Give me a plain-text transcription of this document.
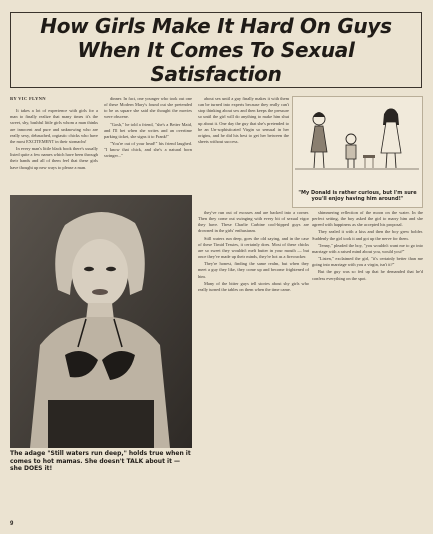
How Girls Make It Hard On Guys When It Comes To Sexual Satisfaction

BY VIC FLYNN

It takes a lot of experience with girls for a man to finally realize that many times it's the sweet, shy, bashful little girls whom a man thinks are innocent and pure and unknowing who are really sexy, debauched, orgiastic chicks who have the most EXCITEMENT in their stomachs!

In every man's little black book there's usually listed quite a few names which have been through their hands and all of them feel that these girls have thought up new ways to please a man.

dinner. In fact, one younger who took out one of these Modern Mary's found out she pretended to be as square she said she thought the movies were obscene.

"Gosh," he told a friend, "she's a Better Maid, and I'll bet when she writes and an overtime parking ticket, she signs it to Frank!"

"You're out of your head!" his friend laughed. "I know that chick, and she's a natural born swinger..."

about sex until a guy finally makes it with them can be turned into experts because they really can't stop thinking about sex and then keeps the pressure so until the girl will do anything to make him shut up about it. One day the guy that she's pretended to be an Un-sophisticated Virgin so sensual in her origins, and he did his best to get her between the sheets without success.

"My Donald is rather curious, but I'm sure you'll enjoy having him around!"
The adage "Still waters run deep," holds true when it comes to hot mamas. She doesn't TALK about it — she DOES it!

they've run out of excuses and are backed into a corner. Then they come out swinging with every bit of sexual vigor they have. These Charlie Carbine cool-hipped guys are drowned in the girls' enthusiasm.

Still waters run deep, goes the old saying, and in the case of these Timid Tessies, it certainly does. Most of these chicks are so sweet they wouldn't melt butter in your mouth — but once they've made up their minds, they're hot as a firecracker.

They're honest, finding the same realm, but when they meet a guy they like, they come up and become frightened of him.

Many of the bitter guys tell stories about shy girls who really turned the tables on them when the time came.

shimmering reflection of the moon on the water. In the perfect setting, the boy asked the girl to marry him and she agreed with happiness as she accepted his proposal.

They sealed it with a kiss and then the boy grew bolder. Suddenly the girl took it and got up the nerve for them.

"Jenny," pleaded the boy, "you wouldn't want me to go into marriage with a raised mind about you, would you?"

"Listen," exclaimed the girl, "it's certainly better than me going into marriage with you a virgin, isn't it?"

But the guy was so fed up that he demanded that he'd confess everything on the spot.

9
